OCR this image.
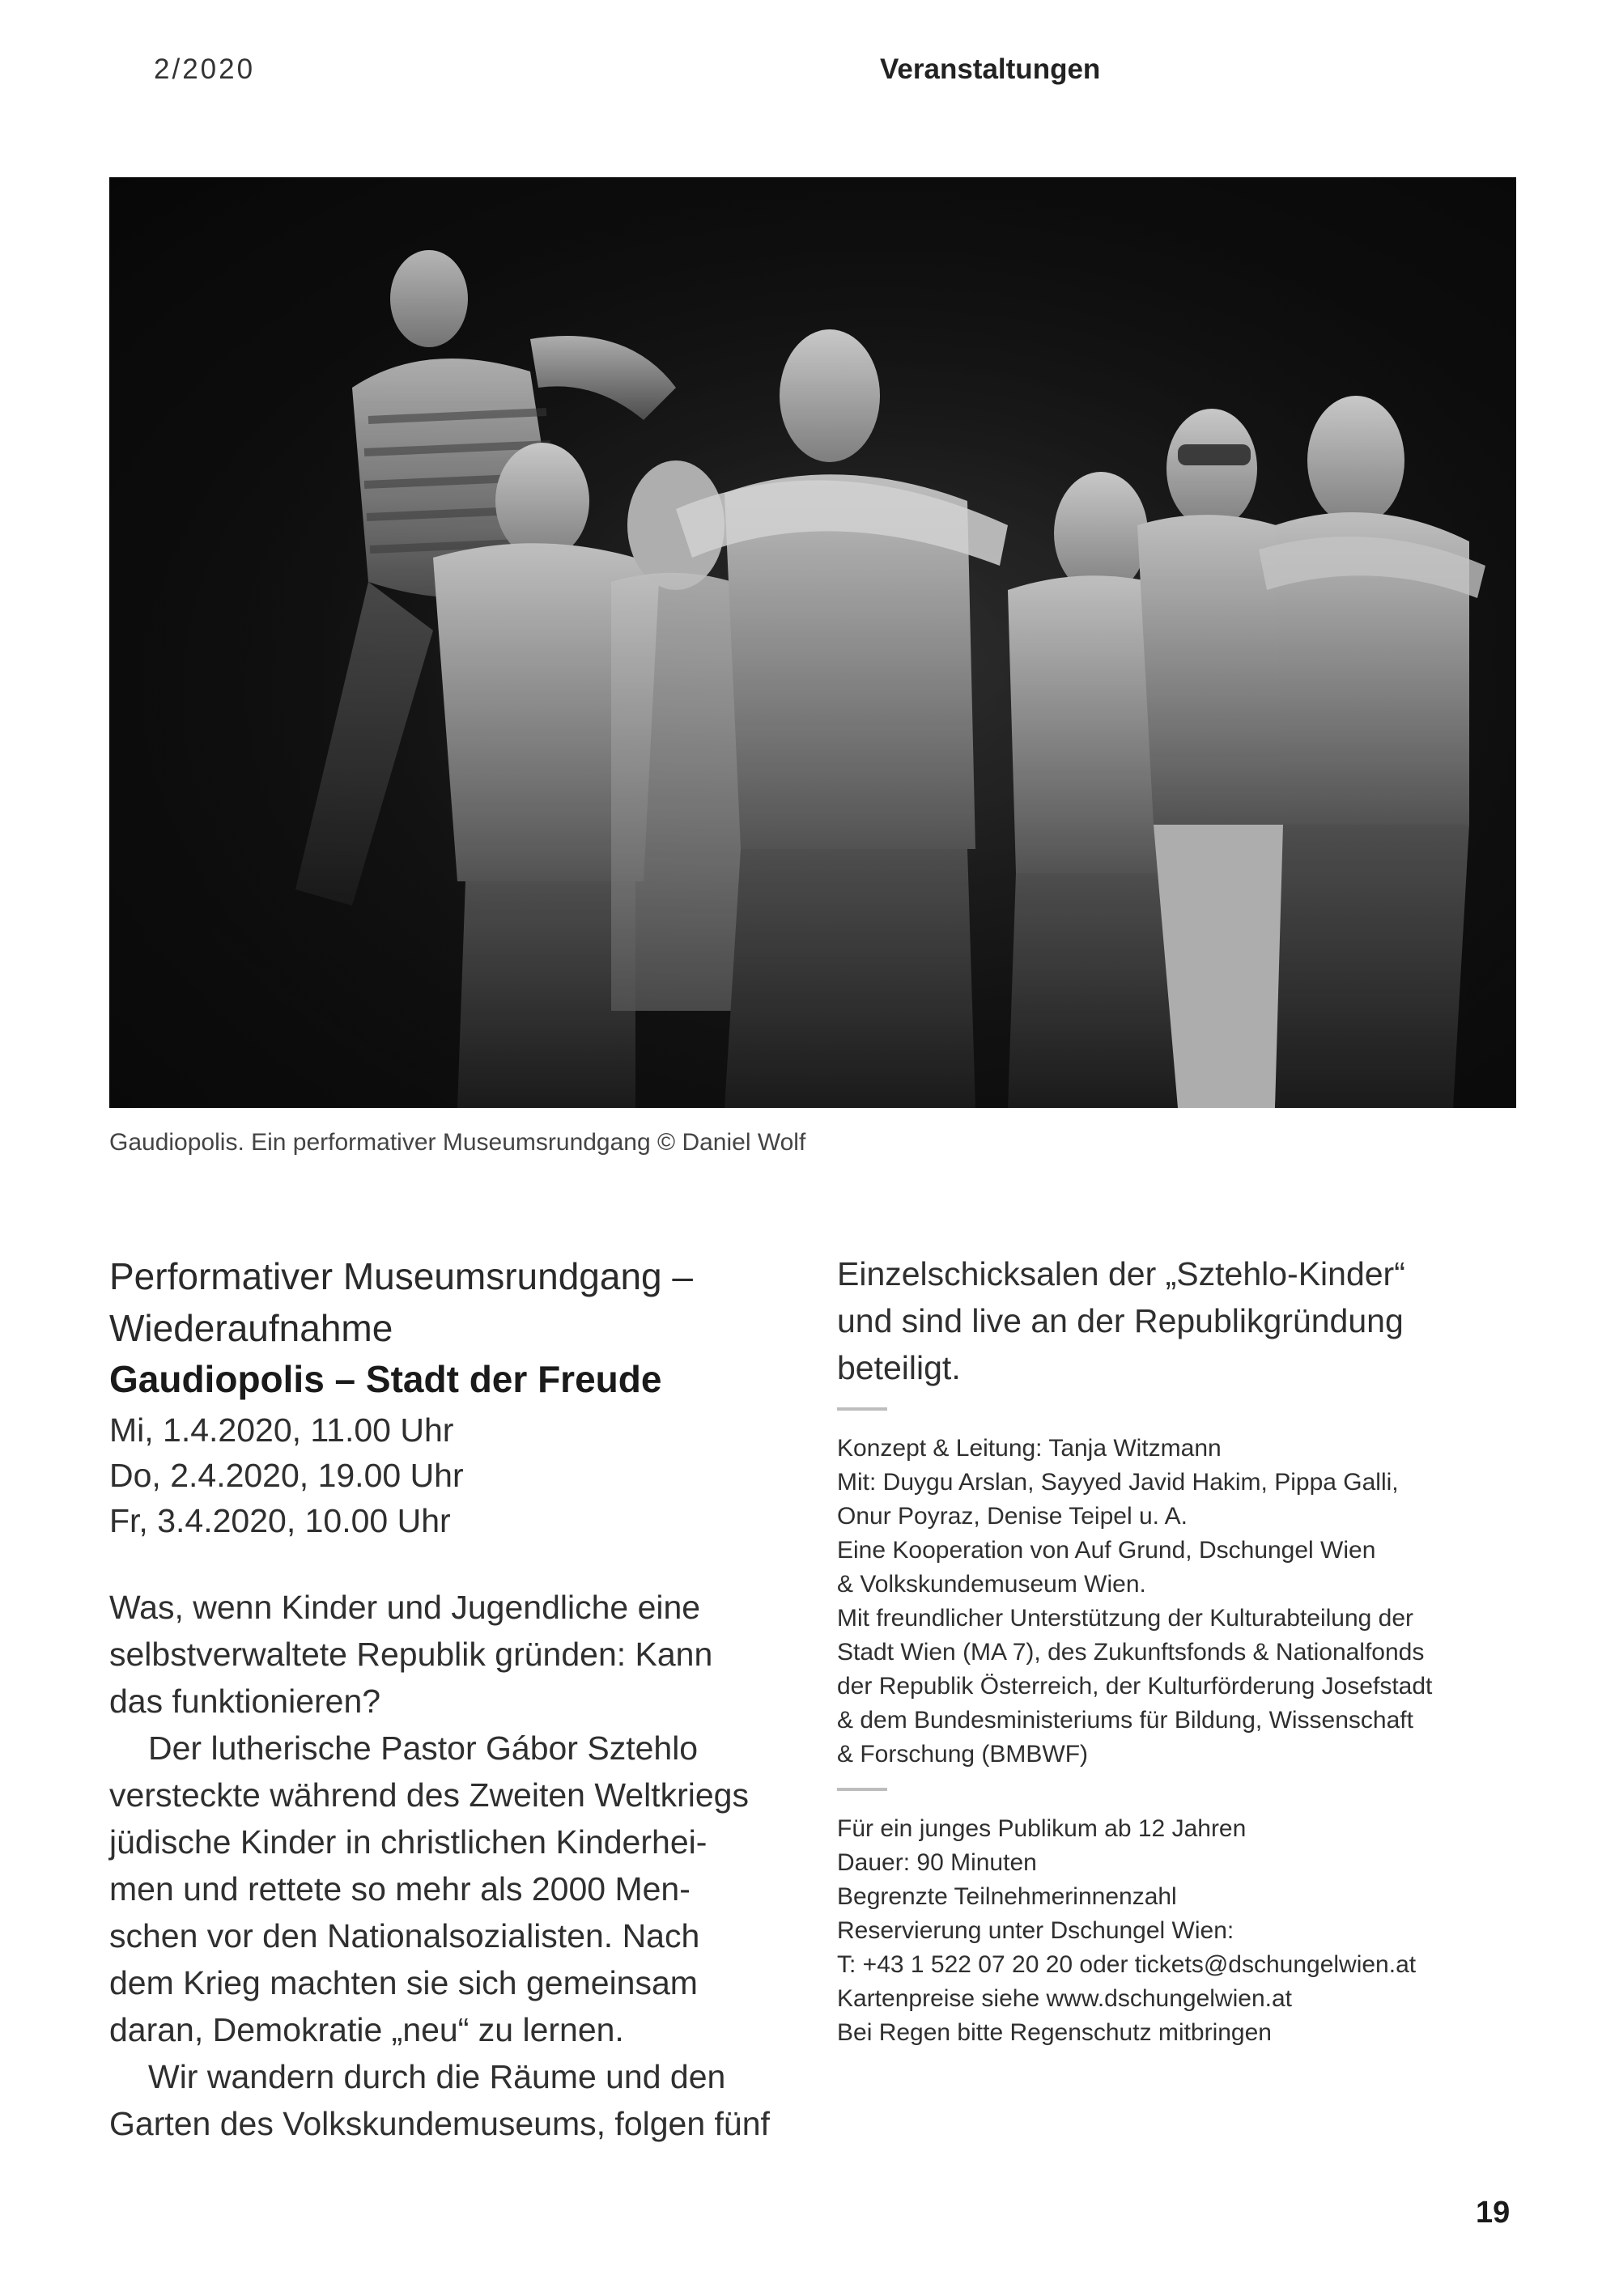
2/2020	Veranstaltungen
Gaudiopolis. Ein performativer Museumsrundgang © Daniel Wolf
Performativer Museumsrundgang –
Wiederaufnahme
Gaudiopolis – Stadt der Freude

Mi, 1.4.2020, 11.00 Uhr
Do, 2.4.2020, 19.00 Uhr
Fr, 3.4.2020, 10.00 Uhr

Was, wenn Kinder und Jugendliche eine
selbstverwaltete Republik gründen: Kann
das funktionieren?

Der lutherische Pastor Gábor Sztehlo
versteckte während des Zweiten Weltkriegs
jüdische Kinder in christlichen Kinderhei-
men und rettete so mehr als 2000 Men-
schen vor den Nationalsozialisten. Nach
dem Krieg machten sie sich gemeinsam
daran, Demokratie „neu“ zu lernen.

Wir wandern durch die Räume und den
Garten des Volkskundemuseums, folgen fünf

Einzelschicksalen der „Sztehlo-Kinder“
und sind live an der Republikgründung
beteiligt.

Konzept & Leitung: Tanja Witzmann
Mit: Duygu Arslan, Sayyed Javid Hakim, Pippa Galli,
Onur Poyraz, Denise Teipel u. A.
Eine Kooperation von Auf Grund, Dschungel Wien
& Volkskundemuseum Wien.
Mit freundlicher Unterstützung der Kulturabteilung der
Stadt Wien (MA 7), des Zukunftsfonds & Nationalfonds
der Republik Österreich, der Kulturförderung Josefstadt
& dem Bundesministeriums für Bildung, Wissenschaft
& Forschung (BMBWF)

Für ein junges Publikum ab 12 Jahren
Dauer: 90 Minuten
Begrenzte Teilnehmerinnenzahl
Reservierung unter Dschungel Wien:
T: +43 1 522 07 20 20 oder tickets@dschungelwien.at
Kartenpreise siehe www.dschungelwien.at
Bei Regen bitte Regenschutz mitbringen

19
